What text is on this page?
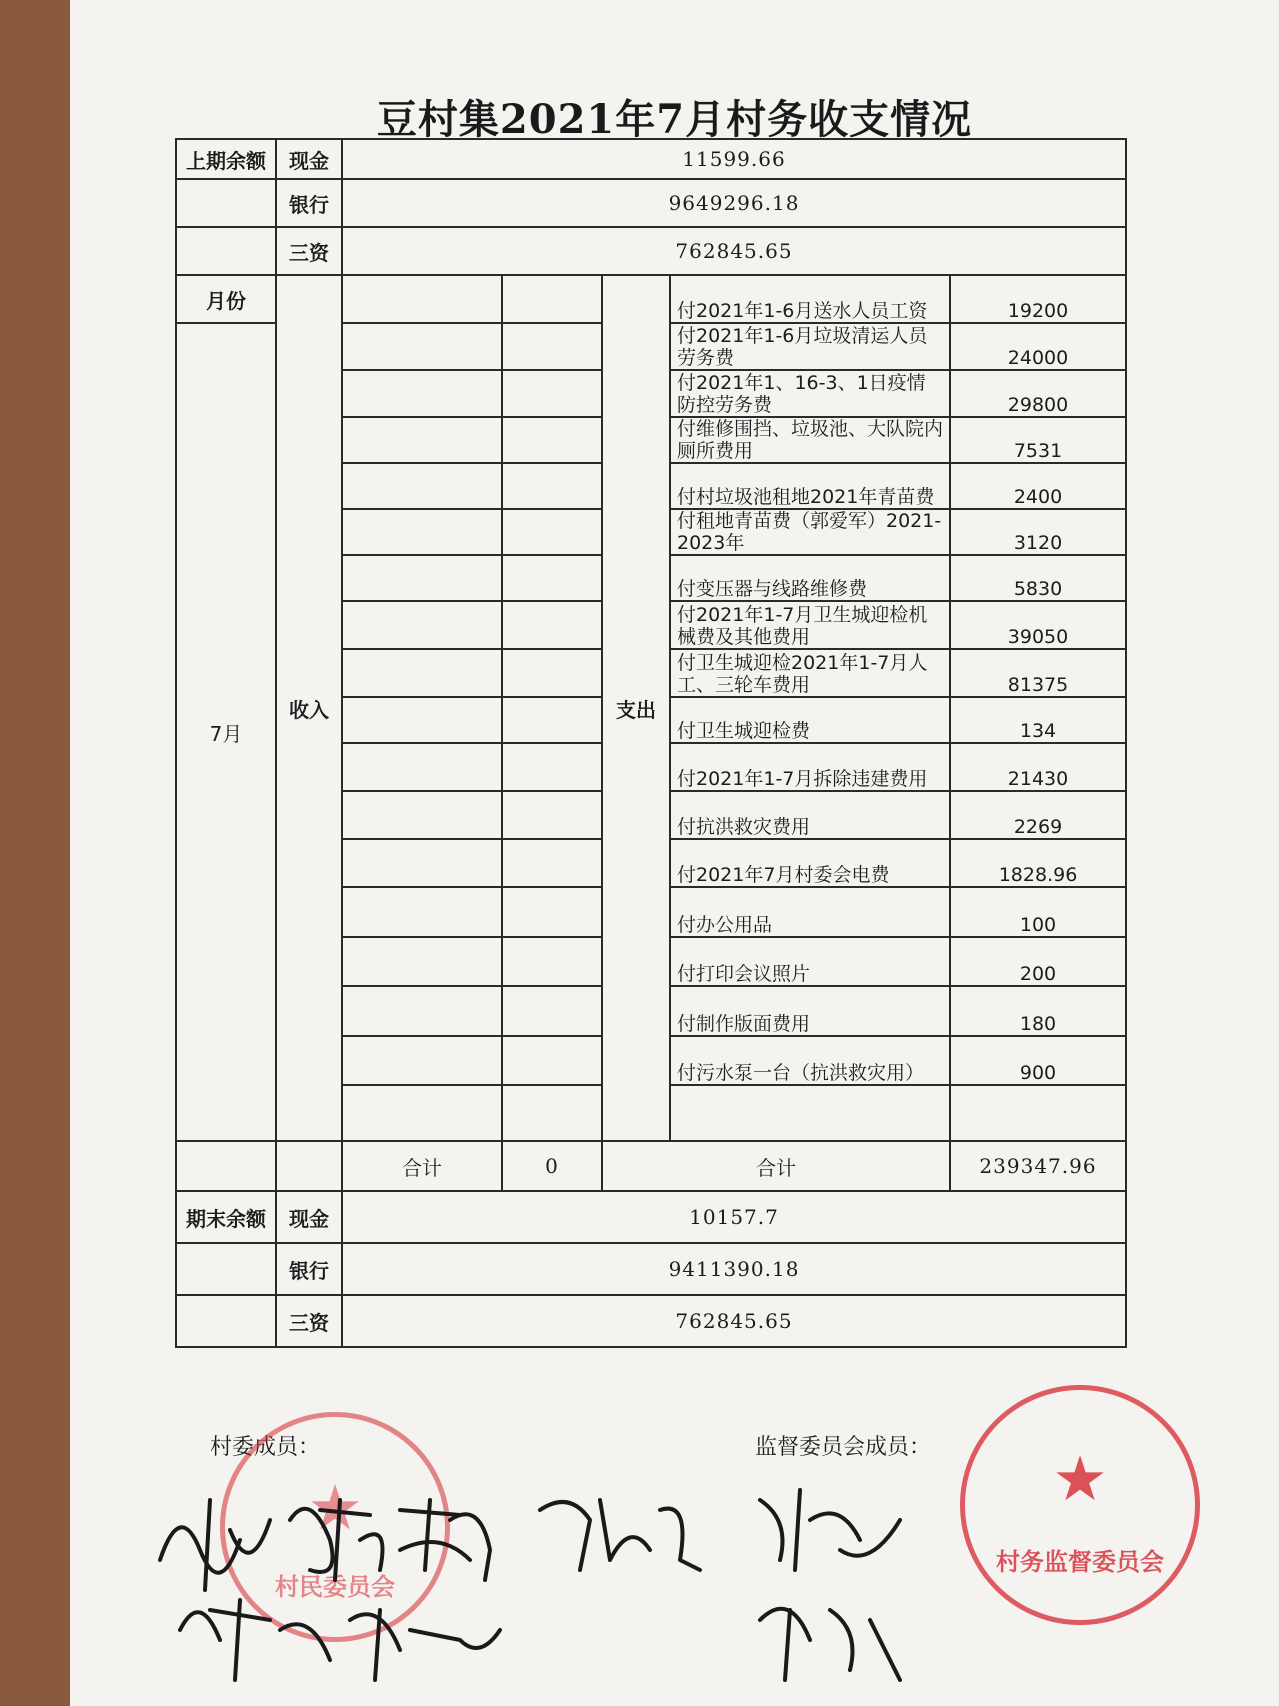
豆村集2021年7月村务收支情况
上期余额	现金	11599.66				
	银行	9649296.18				
	三资	762845.65				
月份	收入			支出	付2021年1-6月送水人员工资	19200
7月					付2021年1-6月垃圾清运人员劳务费	24000
					付2021年1、16-3、1日疫情防控劳务费	29800
					付维修围挡、垃圾池、大队院内厕所费用	7531
					付村垃圾池租地2021年青苗费	2400
					付租地青苗费（郭爱军）2021-2023年	3120
					付变压器与线路维修费	5830
					付2021年1-7月卫生城迎检机械费及其他费用	39050
					付卫生城迎检2021年1-7月人工、三轮车费用	81375
					付卫生城迎检费	134
					付2021年1-7月拆除违建费用	21430
					付抗洪救灾费用	2269
					付2021年7月村委会电费	1828.96
					付办公用品	100
					付打印会议照片	200
					付制作版面费用	180
					付污水泵一台（抗洪救灾用）	900

		合计	0	合计		239347.96
期末余额	现金	10157.7				
	银行	9411390.18				
	三资	762845.65				
村委成员：	监督委员会成员：
★
村民委员会
★
村务监督委员会
